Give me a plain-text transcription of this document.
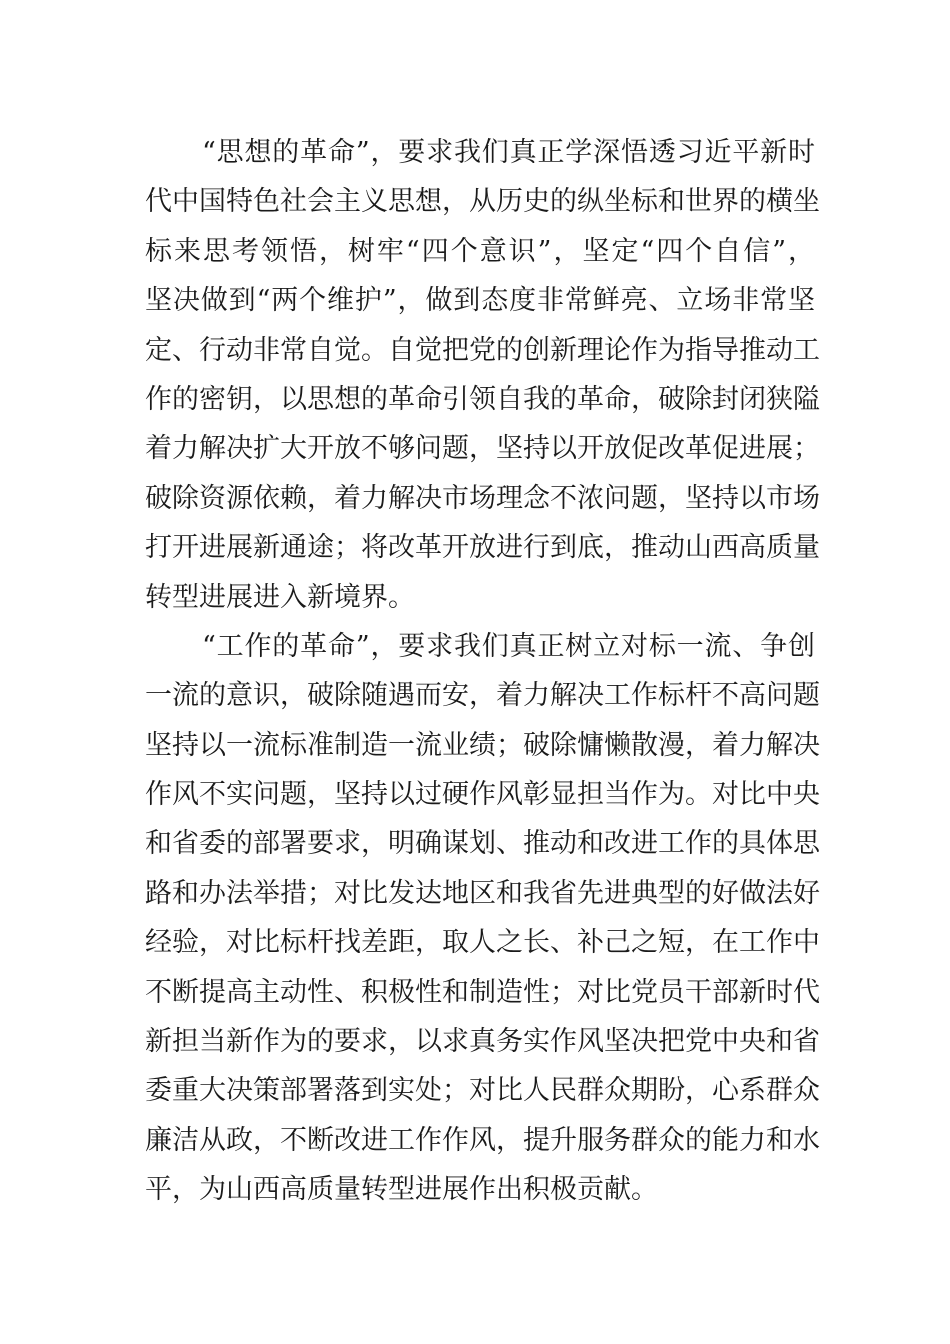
“思想的革命”，要求我们真正学深悟透习近平新时
代中国特色社会主义思想，从历史的纵坐标和世界的横坐
标来思考领悟，树牢“四个意识”，坚定“四个自信”，
坚决做到“两个维护”，做到态度非常鲜亮、立场非常坚
定、行动非常自觉。自觉把党的创新理论作为指导推动工
作的密钥，以思想的革命引领自我的革命，破除封闭狭隘
着力解决扩大开放不够问题，坚持以开放促改革促进展；
破除资源依赖，着力解决市场理念不浓问题，坚持以市场
打开进展新通途；将改革开放进行到底，推动山西高质量
转型进展进入新境界。
“工作的革命”，要求我们真正树立对标一流、争创
一流的意识，破除随遇而安，着力解决工作标杆不高问题
坚持以一流标准制造一流业绩；破除慵懒散漫，着力解决
作风不实问题，坚持以过硬作风彰显担当作为。对比中央
和省委的部署要求，明确谋划、推动和改进工作的具体思
路和办法举措；对比发达地区和我省先进典型的好做法好
经验，对比标杆找差距，取人之长、补己之短，在工作中
不断提高主动性、积极性和制造性；对比党员干部新时代
新担当新作为的要求，以求真务实作风坚决把党中央和省
委重大决策部署落到实处；对比人民群众期盼，心系群众
廉洁从政，不断改进工作作风，提升服务群众的能力和水
平，为山西高质量转型进展作出积极贡献。
